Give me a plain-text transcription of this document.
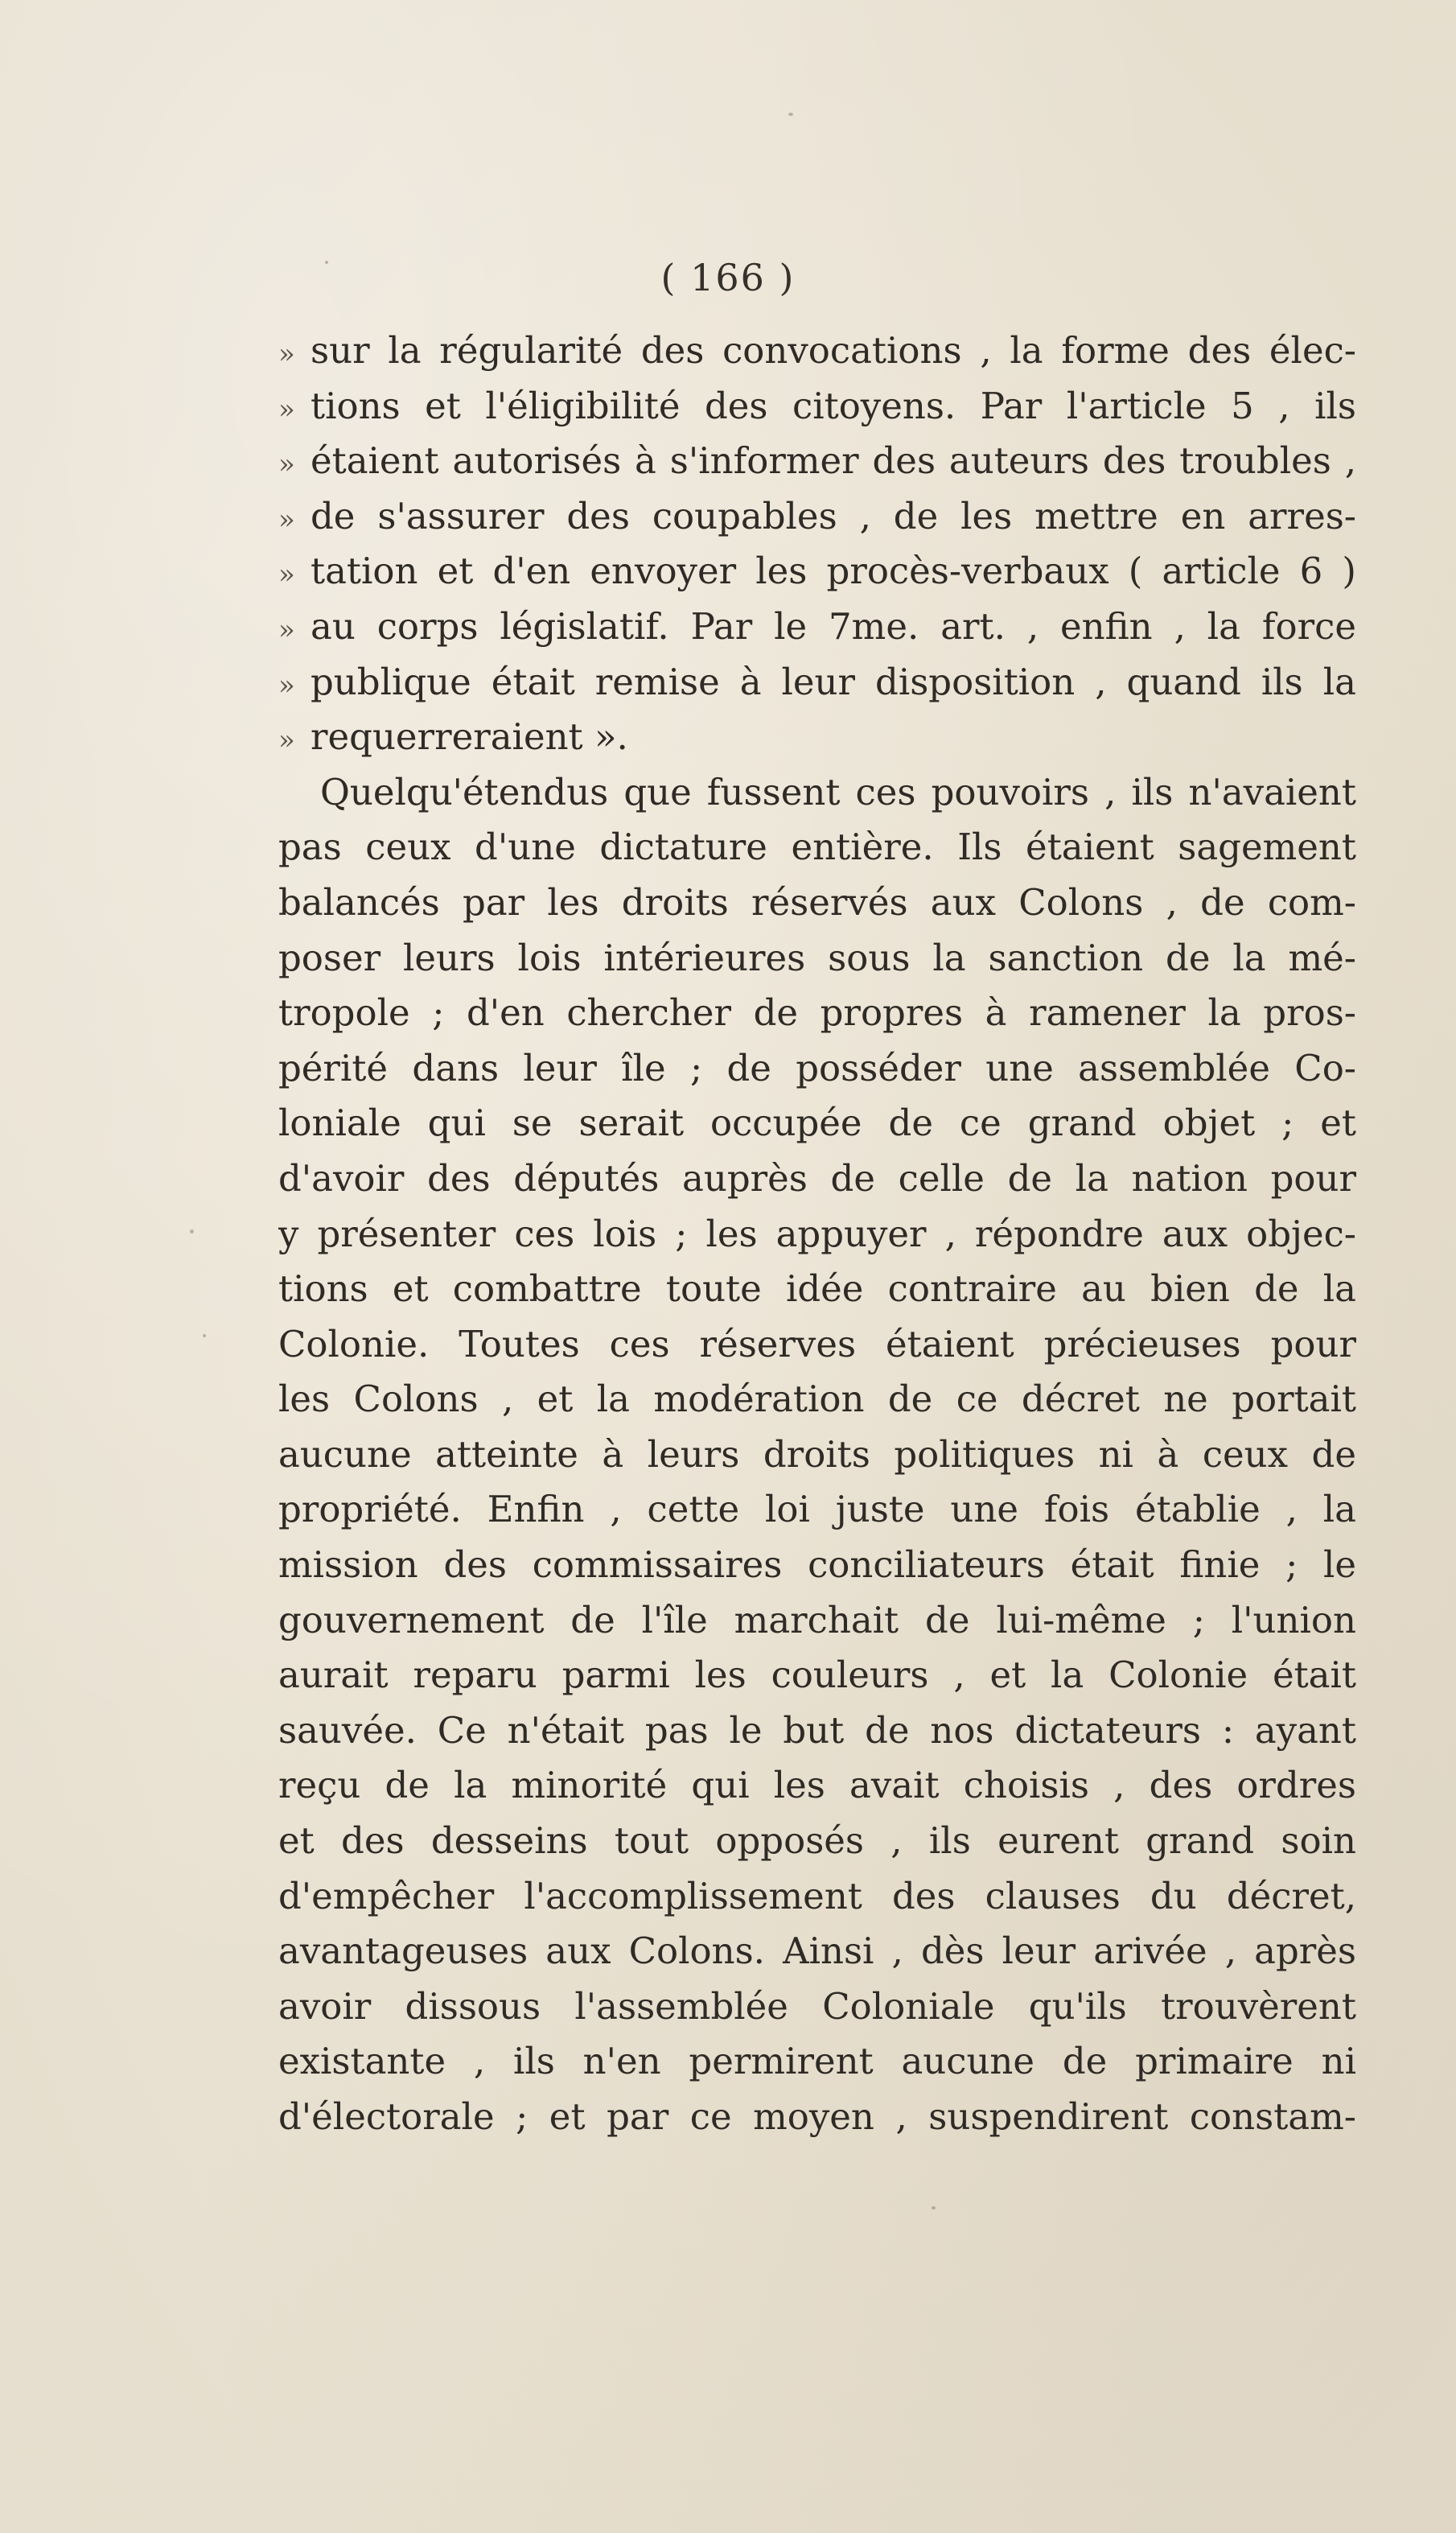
( 166 )
» sur la régularité des convocations , la forme des élec-
» tions et l'éligibilité des citoyens. Par l'article 5 , ils
» étaient autorisés à s'informer des auteurs des troubles ,
» de s'assurer des coupables , de les mettre en arres-
» tation et d'en envoyer les procès-verbaux ( article 6 )
» au corps législatif. Par le 7me. art. , enfin , la force
» publique était remise à leur disposition , quand ils la
» requerreraient ».
Quelqu'étendus que fussent ces pouvoirs , ils n'avaient
pas ceux d'une dictature entière. Ils étaient sagement
balancés par les droits réservés aux Colons , de com-
poser leurs lois intérieures sous la sanction de la mé-
tropole ; d'en chercher de propres à ramener la pros-
périté dans leur île ; de posséder une assemblée Co-
loniale qui se serait occupée de ce grand objet ; et
d'avoir des députés auprès de celle de la nation pour
y présenter ces lois ; les appuyer , répondre aux objec-
tions et combattre toute idée contraire au bien de la
Colonie. Toutes ces réserves étaient précieuses pour
les Colons , et la modération de ce décret ne portait
aucune atteinte à leurs droits politiques ni à ceux de
propriété. Enfin , cette loi juste une fois établie , la
mission des commissaires conciliateurs était finie ; le
gouvernement de l'île marchait de lui-même ; l'union
aurait reparu parmi les couleurs , et la Colonie était
sauvée. Ce n'était pas le but de nos dictateurs : ayant
reçu de la minorité qui les avait choisis , des ordres
et des desseins tout opposés , ils eurent grand soin
d'empêcher l'accomplissement des clauses du décret,
avantageuses aux Colons. Ainsi , dès leur arivée , après
avoir dissous l'assemblée Coloniale qu'ils trouvèrent
existante , ils n'en permirent aucune de primaire ni
d'électorale ; et par ce moyen , suspendirent constam-
